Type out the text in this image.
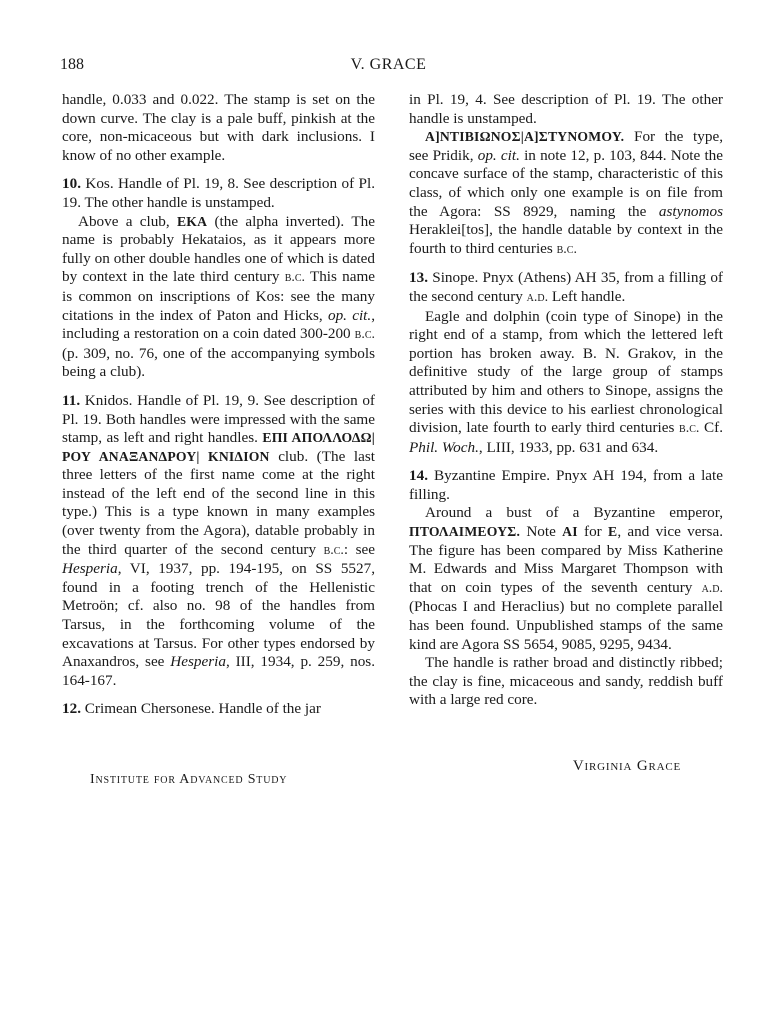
188	V. GRACE

handle, 0.033 and 0.022. The stamp is set on the down curve. The clay is a pale buff, pinkish at the core, non-micaceous but with dark inclusions. I know of no other example.

10. Kos. Handle of Pl. 19, 8. See description of Pl. 19. The other handle is unstamped.

Above a club, ΕΚΑ (the alpha inverted). The name is probably Hekataios, as it appears more fully on other double handles one of which is dated by context in the late third century b.c. This name is common on inscriptions of Kos: see the many citations in the index of Paton and Hicks, op. cit., including a restoration on a coin dated 300-200 b.c. (p. 309, no. 76, one of the accompanying symbols being a club).

11. Knidos. Handle of Pl. 19, 9. See description of Pl. 19. Both handles were impressed with the same stamp, as left and right handles. ΕΠΙ ΑΠΟΛΛΟΔΩ|ΡΟΥ ΑΝΑΞΑΝΔΡΟΥ| ΚΝΙΔΙΟΝ club. (The last three letters of the first name come at the right instead of the left end of the second line in this type.) This is a type known in many examples (over twenty from the Agora), datable probably in the third quarter of the second century b.c.: see Hesperia, VI, 1937, pp. 194-195, on SS 5527, found in a footing trench of the Hellenistic Metroön; cf. also no. 98 of the handles from Tarsus, in the forthcoming volume of the excavations at Tarsus. For other types endorsed by Anaxandros, see Hesperia, III, 1934, p. 259, nos. 164-167.

12. Crimean Chersonese. Handle of the jar

in Pl. 19, 4. See description of Pl. 19. The other handle is unstamped.

Α]ΝΤΙΒΙΩΝΟΣ|Α]ΣΤΥΝΟΜΟΥ. For the type, see Pridik, op. cit. in note 12, p. 103, 844. Note the concave surface of the stamp, characteristic of this class, of which only one example is on file from the Agora: SS 8929, naming the astynomos Heraklei[tos], the handle datable by context in the fourth to third centuries b.c.

13. Sinope. Pnyx (Athens) AH 35, from a filling of the second century a.d. Left handle.

Eagle and dolphin (coin type of Sinope) in the right end of a stamp, from which the lettered left portion has broken away. B. N. Grakov, in the definitive study of the large group of stamps attributed by him and others to Sinope, assigns the series with this device to his earliest chronological division, late fourth to early third centuries b.c. Cf. Phil. Woch., LIII, 1933, pp. 631 and 634.

14. Byzantine Empire. Pnyx AH 194, from a late filling.

Around a bust of a Byzantine emperor, ΠΤΟΛΑΙΜΕΟΥΣ. Note ΑΙ for Ε, and vice versa. The figure has been compared by Miss Katherine M. Edwards and Miss Margaret Thompson with that on coin types of the seventh century a.d. (Phocas I and Heraclius) but no complete parallel has been found. Unpublished stamps of the same kind are Agora SS 5654, 9085, 9295, 9434.

The handle is rather broad and distinctly ribbed; the clay is fine, micaceous and sandy, reddish buff with a large red core.

Virginia Grace
Institute for Advanced Study
